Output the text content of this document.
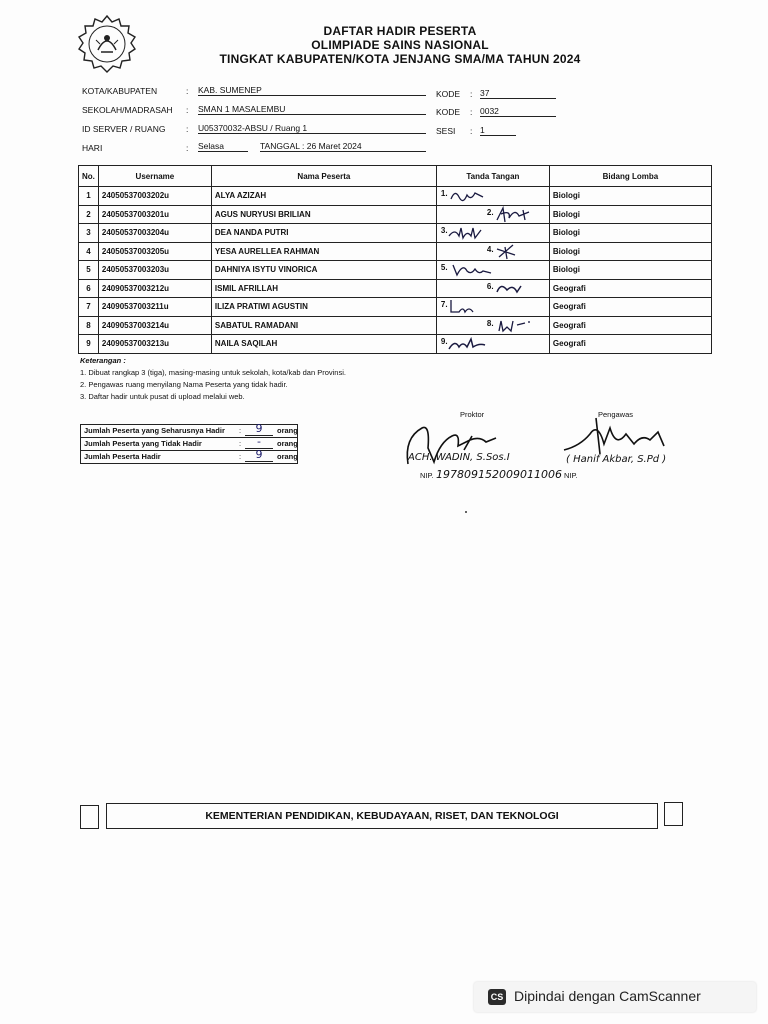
DAFTAR HADIR PESERTA
OLIMPIADE SAINS NASIONAL
TINGKAT KABUPATEN/KOTA JENJANG SMA/MA TAHUN 2024
KOTA/KABUPATEN	: KAB. SUMENEP	KODE : 37
SEKOLAH/MADRASAH : SMAN 1 MASALEMBU	KODE : 0032
ID SERVER / RUANG : U05370032-ABSU / Ruang 1	SESI : 1
HARI	: Selasa	TANGGAL : 26 Maret 2024
No.	Username	Nama Peserta	Tanda Tangan	Bidang Lomba
1	24050537003202u	ALYA AZIZAH	1.	Biologi
2	24050537003201u	AGUS NURYUSI BRILIAN	2.	Biologi
3	24050537003204u	DEA NANDA PUTRI	3.	Biologi
4	24050537003205u	YESA AURELLEA RAHMAN	4.	Biologi
5	24050537003203u	DAHNIYA ISYTU VINORICA	5.	Biologi
6	24090537003212u	ISMIL AFRILLAH	6.	Geografi
7	24090537003211u	ILIZA PRATIWI AGUSTIN	7.	Geografi
8	24090537003214u	SABATUL RAMADANI	8.	Geografi
9	24090537003213u	NAILA SAQILAH	9.	Geografi
Keterangan :
1. Dibuat rangkap 3 (tiga), masing-masing untuk sekolah, kota/kab dan Provinsi.
2. Pengawas ruang menyilang Nama Peserta yang tidak hadir.
3. Daftar hadir untuk pusat di upload melalui web.
Jumlah Peserta yang Seharusnya Hadir :	9	orang
Jumlah Peserta yang Tidak Hadir	:	-	orang
Jumlah Peserta Hadir	:	9	orang
Proktor	Pengawas
ACH. WADIN, S.Sos.I	( Hanif Akbar, S.Pd )
NIP. 197809152009011006 NIP.
KEMENTERIAN PENDIDIKAN, KEBUDAYAAN, RISET, DAN TEKNOLOGI
CS Dipindai dengan CamScanner
